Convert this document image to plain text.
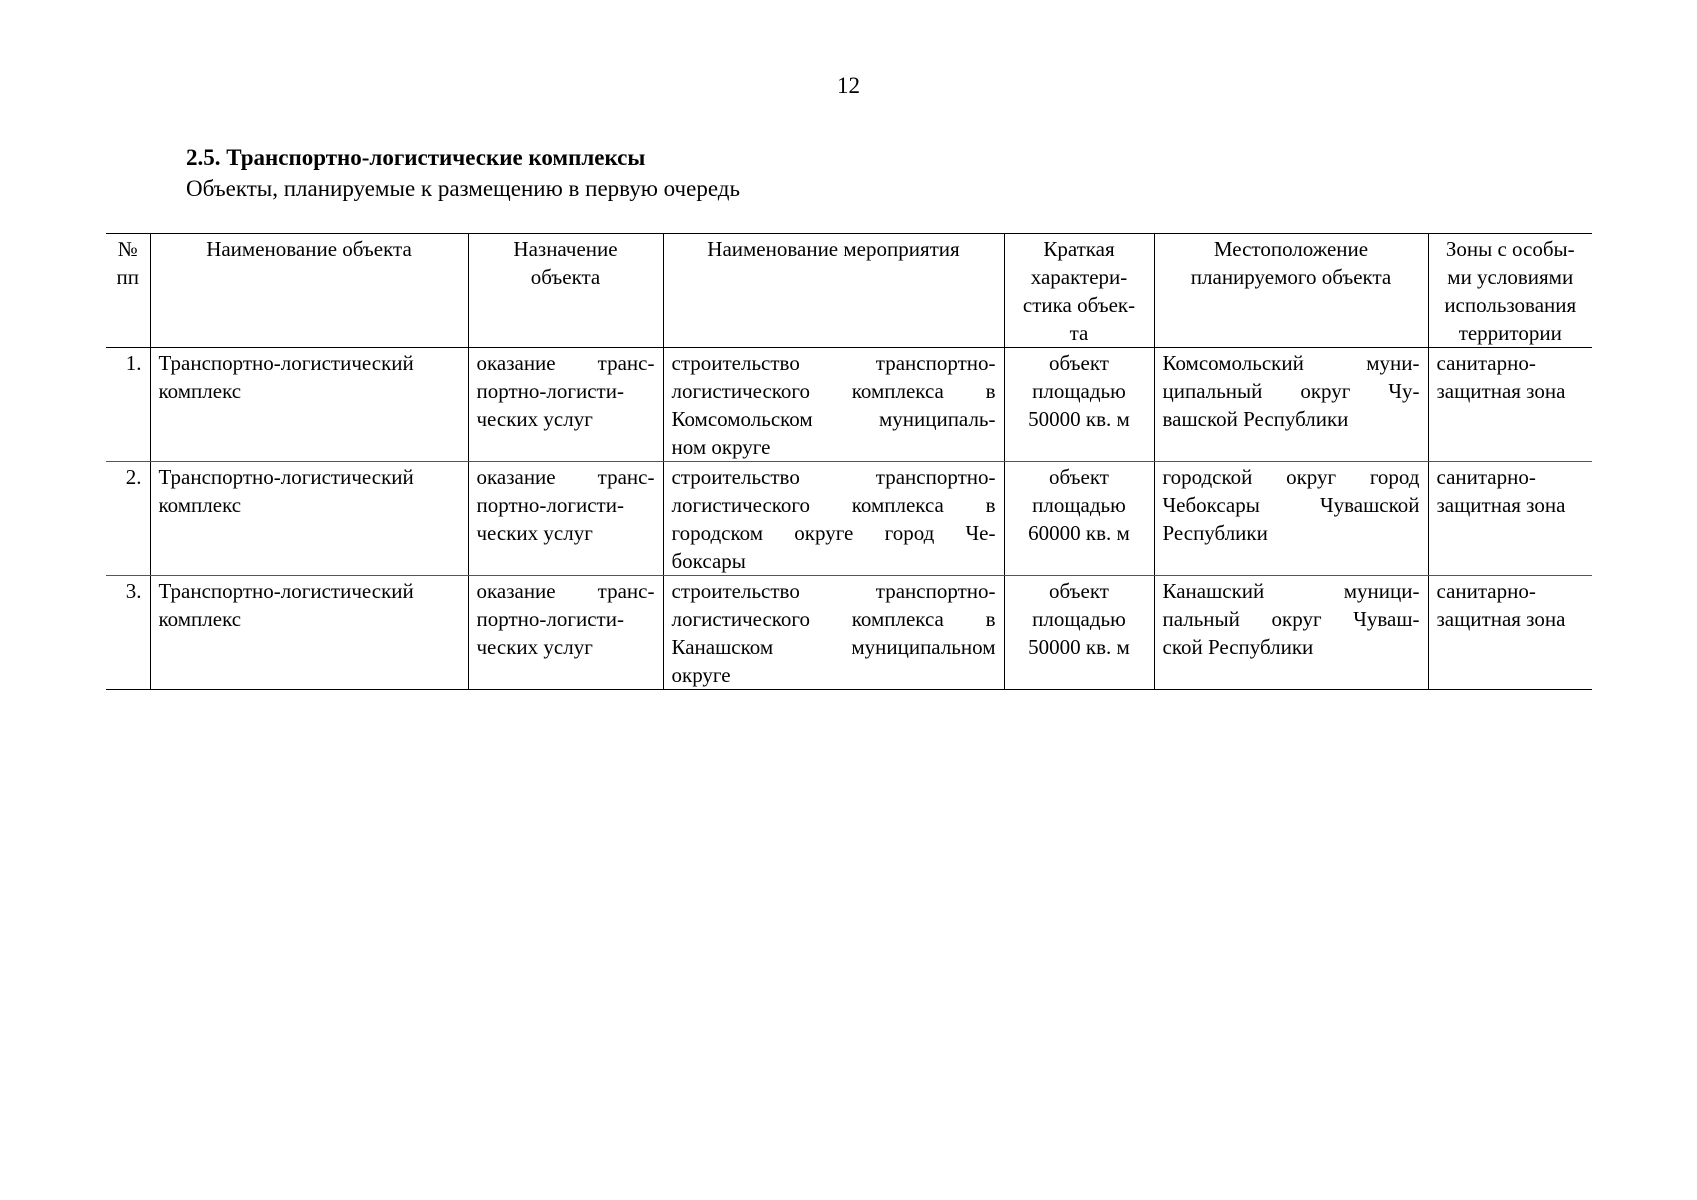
12
2.5. Транспортно-логистические комплексы
Объекты, планируемые к размещению в первую очередь
№
пп	Наименование объекта	Назначение
объекта	Наименование мероприятия	Краткая
характери-
стика объек-
та	Местоположение
планируемого объекта	Зоны с особы-
ми условиями
использования
территории

1.	Транспортно-логистический
комплекс	оказание транс-
портно-логисти-
ческих услуг	строительство транспортно-
логистического комплекса в
Комсомольском муниципаль-
ном округе	объект
площадью
50000 кв. м	Комсомольский муни-
ципальный округ Чу-
вашской Республики	санитарно-
защитная зона

2.	Транспортно-логистический
комплекс	оказание транс-
портно-логисти-
ческих услуг	строительство транспортно-
логистического комплекса в
городском округе город Че-
боксары	объект
площадью
60000 кв. м	городской округ город
Чебоксары Чувашской
Республики	санитарно-
защитная зона

3.	Транспортно-логистический
комплекс	оказание транс-
портно-логисти-
ческих услуг	строительство транспортно-
логистического комплекса в
Канашском муниципальном
округе	объект
площадью
50000 кв. м	Канашский муници-
пальный округ Чуваш-
ской Республики	санитарно-
защитная зона
